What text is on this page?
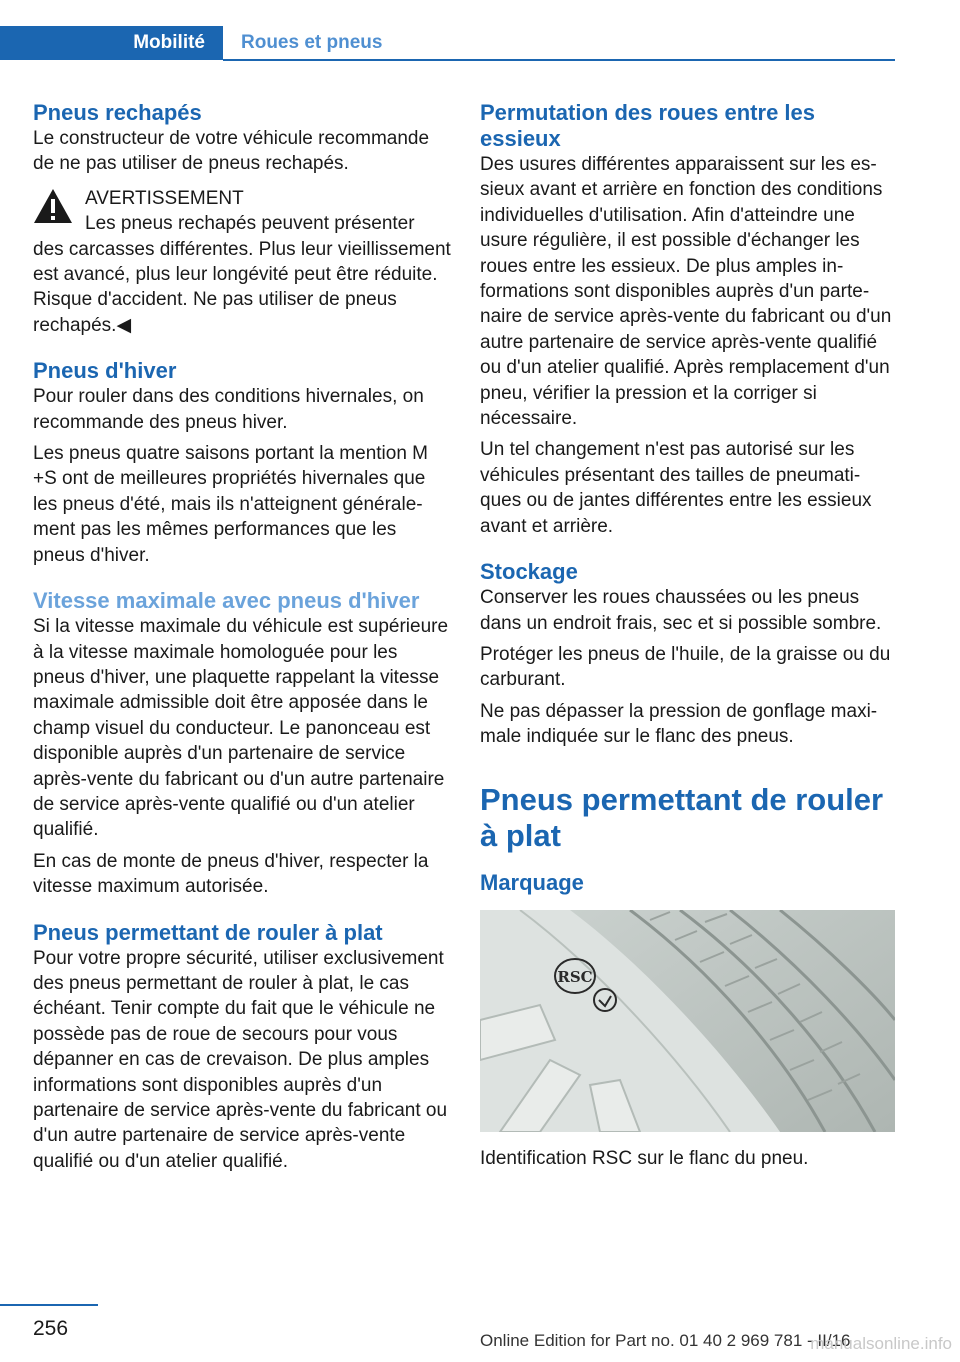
Mobilité	Roues et pneus
Pneus rechapés

Le constructeur de votre véhicule recommande de ne pas utiliser de pneus rechapés.

AVERTISSEMENT

Les pneus rechapés peuvent présenter

des carcasses différentes. Plus leur vieillissement est avancé, plus leur longévité peut être réduite. Risque d'accident. Ne pas utiliser de pneus rechapés.◀

Pneus d'hiver

Pour rouler dans des conditions hivernales, on recommande des pneus hiver.

Les pneus quatre saisons portant la mention M +S ont de meilleures propriétés hivernales que les pneus d'été, mais ils n'atteignent généralement pas les mêmes performances que les pneus d'hiver.

Vitesse maximale avec pneus d'hiver

Si la vitesse maximale du véhicule est supérieure à la vitesse maximale homologuée pour les pneus d'hiver, une plaquette rappelant la vitesse maximale admissible doit être apposée dans le champ visuel du conducteur. Le panonceau est disponible auprès d'un partenaire de service après-vente du fabricant ou d'un autre partenaire de service après-vente qualifié ou d'un atelier qualifié.

En cas de monte de pneus d'hiver, respecter la vitesse maximum autorisée.

Pneus permettant de rouler à plat

Pour votre propre sécurité, utiliser exclusivement des pneus permettant de rouler à plat, le cas échéant. Tenir compte du fait que le véhicule ne possède pas de roue de secours pour vous dépanner en cas de crevaison. De plus amples informations sont disponibles auprès d'un partenaire de service après-vente du fabricant ou d'un autre partenaire de service après-vente qualifié ou d'un atelier qualifié.

Permutation des roues entre les essieux

Des usures différentes apparaissent sur les essieux avant et arrière en fonction des conditions individuelles d'utilisation. Afin d'atteindre une usure régulière, il est possible d'échanger les roues entre les essieux. De plus amples informations sont disponibles auprès d'un partenaire de service après-vente du fabricant ou d'un autre partenaire de service après-vente qualifié ou d'un atelier qualifié. Après remplacement d'un pneu, vérifier la pression et la corriger si nécessaire.

Un tel changement n'est pas autorisé sur les véhicules présentant des tailles de pneumatiques ou de jantes différentes entre les essieux avant et arrière.

Stockage

Conserver les roues chaussées ou les pneus dans un endroit frais, sec et si possible sombre.

Protéger les pneus de l'huile, de la graisse ou du carburant.

Ne pas dépasser la pression de gonflage maximale indiquée sur le flanc des pneus.

Pneus permettant de rouler à plat
Marquage
RSC

Identification RSC sur le flanc du pneu.

256
Online Edition for Part no. 01 40 2 969 781 - II/16
manualsonline.info
